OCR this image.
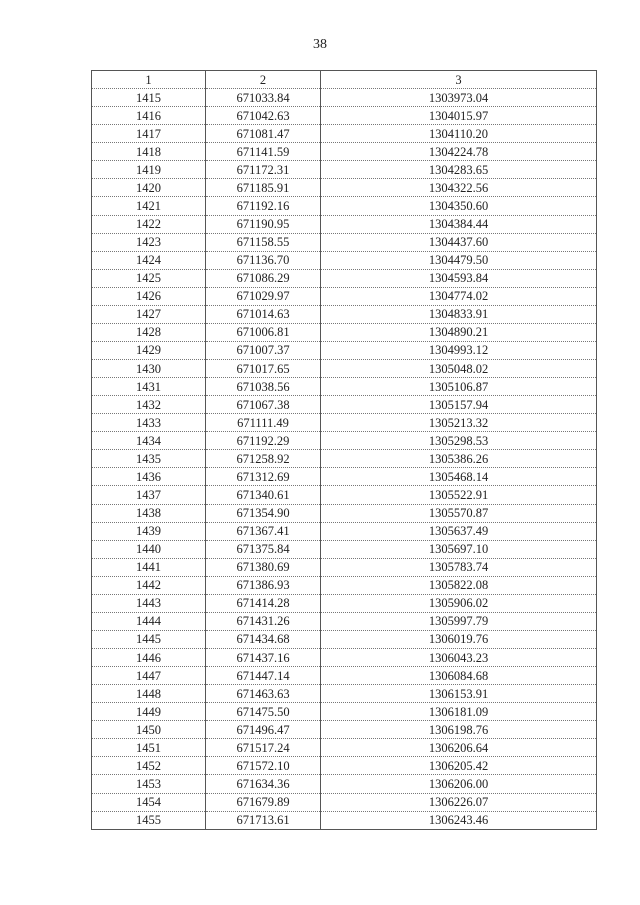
38
1	2	3
1415	671033.84	1303973.04
1416	671042.63	1304015.97
1417	671081.47	1304110.20
1418	671141.59	1304224.78
1419	671172.31	1304283.65
1420	671185.91	1304322.56
1421	671192.16	1304350.60
1422	671190.95	1304384.44
1423	671158.55	1304437.60
1424	671136.70	1304479.50
1425	671086.29	1304593.84
1426	671029.97	1304774.02
1427	671014.63	1304833.91
1428	671006.81	1304890.21
1429	671007.37	1304993.12
1430	671017.65	1305048.02
1431	671038.56	1305106.87
1432	671067.38	1305157.94
1433	671111.49	1305213.32
1434	671192.29	1305298.53
1435	671258.92	1305386.26
1436	671312.69	1305468.14
1437	671340.61	1305522.91
1438	671354.90	1305570.87
1439	671367.41	1305637.49
1440	671375.84	1305697.10
1441	671380.69	1305783.74
1442	671386.93	1305822.08
1443	671414.28	1305906.02
1444	671431.26	1305997.79
1445	671434.68	1306019.76
1446	671437.16	1306043.23
1447	671447.14	1306084.68
1448	671463.63	1306153.91
1449	671475.50	1306181.09
1450	671496.47	1306198.76
1451	671517.24	1306206.64
1452	671572.10	1306205.42
1453	671634.36	1306206.00
1454	671679.89	1306226.07
1455	671713.61	1306243.46
